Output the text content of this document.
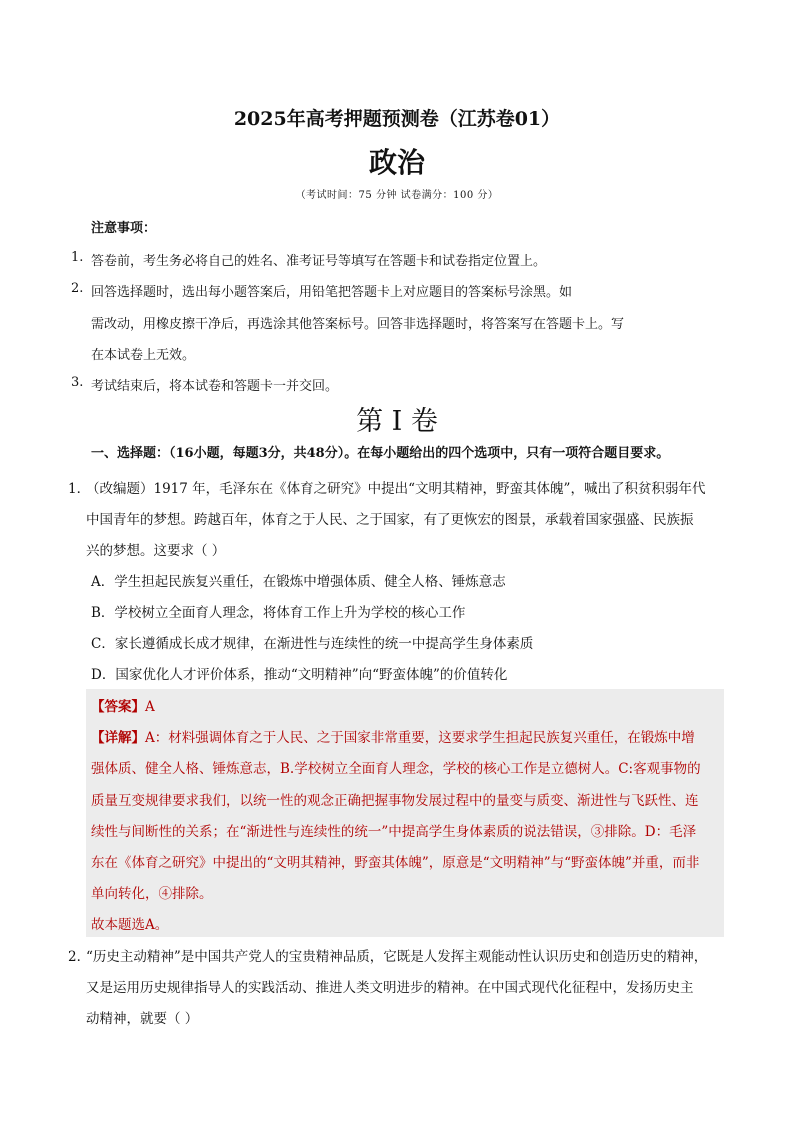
2025年高考押题预测卷（江苏卷01）
政治
（考试时间：75 分钟 试卷满分：100 分）
注意事项：
1. 答卷前，考生务必将自己的姓名、准考证号等填写在答题卡和试卷指定位置上。
2. 回答选择题时，选出每小题答案后，用铅笔把答题卡上对应题目的答案标号涂黑。如
需改动，用橡皮擦干净后，再选涂其他答案标号。回答非选择题时，将答案写在答题卡上。写
在本试卷上无效。
3. 考试结束后，将本试卷和答题卡一并交回。
第 I 卷
一、选择题：（16小题，每题3分，共48分）。在每小题给出的四个选项中，只有一项符合题目要求。
1．
（改编题）1917 年，毛泽东在《体育之研究》中提出“文明其精神，野蛮其体魄”，喊出了积贫积弱年代
中国青年的梦想。跨越百年，体育之于人民、之于国家，有了更恢宏的图景，承载着国家强盛、民族振
兴的梦想。这要求（ ）
A．学生担起民族复兴重任，在锻炼中增强体质、健全人格、锤炼意志
B．学校树立全面育人理念，将体育工作上升为学校的核心工作
C．家长遵循成长成才规律，在渐进性与连续性的统一中提高学生身体素质
D．国家优化人才评价体系，推动“文明精神”向“野蛮体魄”的价值转化
【答案】A
【详解】A：材料强调体育之于人民、之于国家非常重要，这要求学生担起民族复兴重任，在锻炼中增
强体质、健全人格、锤炼意志，B.学校树立全面育人理念，学校的核心工作是立德树人。C:客观事物的
质量互变规律要求我们，以统一性的观念正确把握事物发展过程中的量变与质变、渐进性与飞跃性、连
续性与间断性的关系；在“渐进性与连续性的统一”中提高学生身体素质的说法错误，③排除。D：毛泽
东在《体育之研究》中提出的“文明其精神，野蛮其体魄”，原意是“文明精神”与“野蛮体魄”并重，而非
单向转化，④排除。
故本题选A。
2．
“历史主动精神”是中国共产党人的宝贵精神品质，它既是人发挥主观能动性认识历史和创造历史的精神，
又是运用历史规律指导人的实践活动、推进人类文明进步的精神。在中国式现代化征程中，发扬历史主
动精神，就要（ ）
